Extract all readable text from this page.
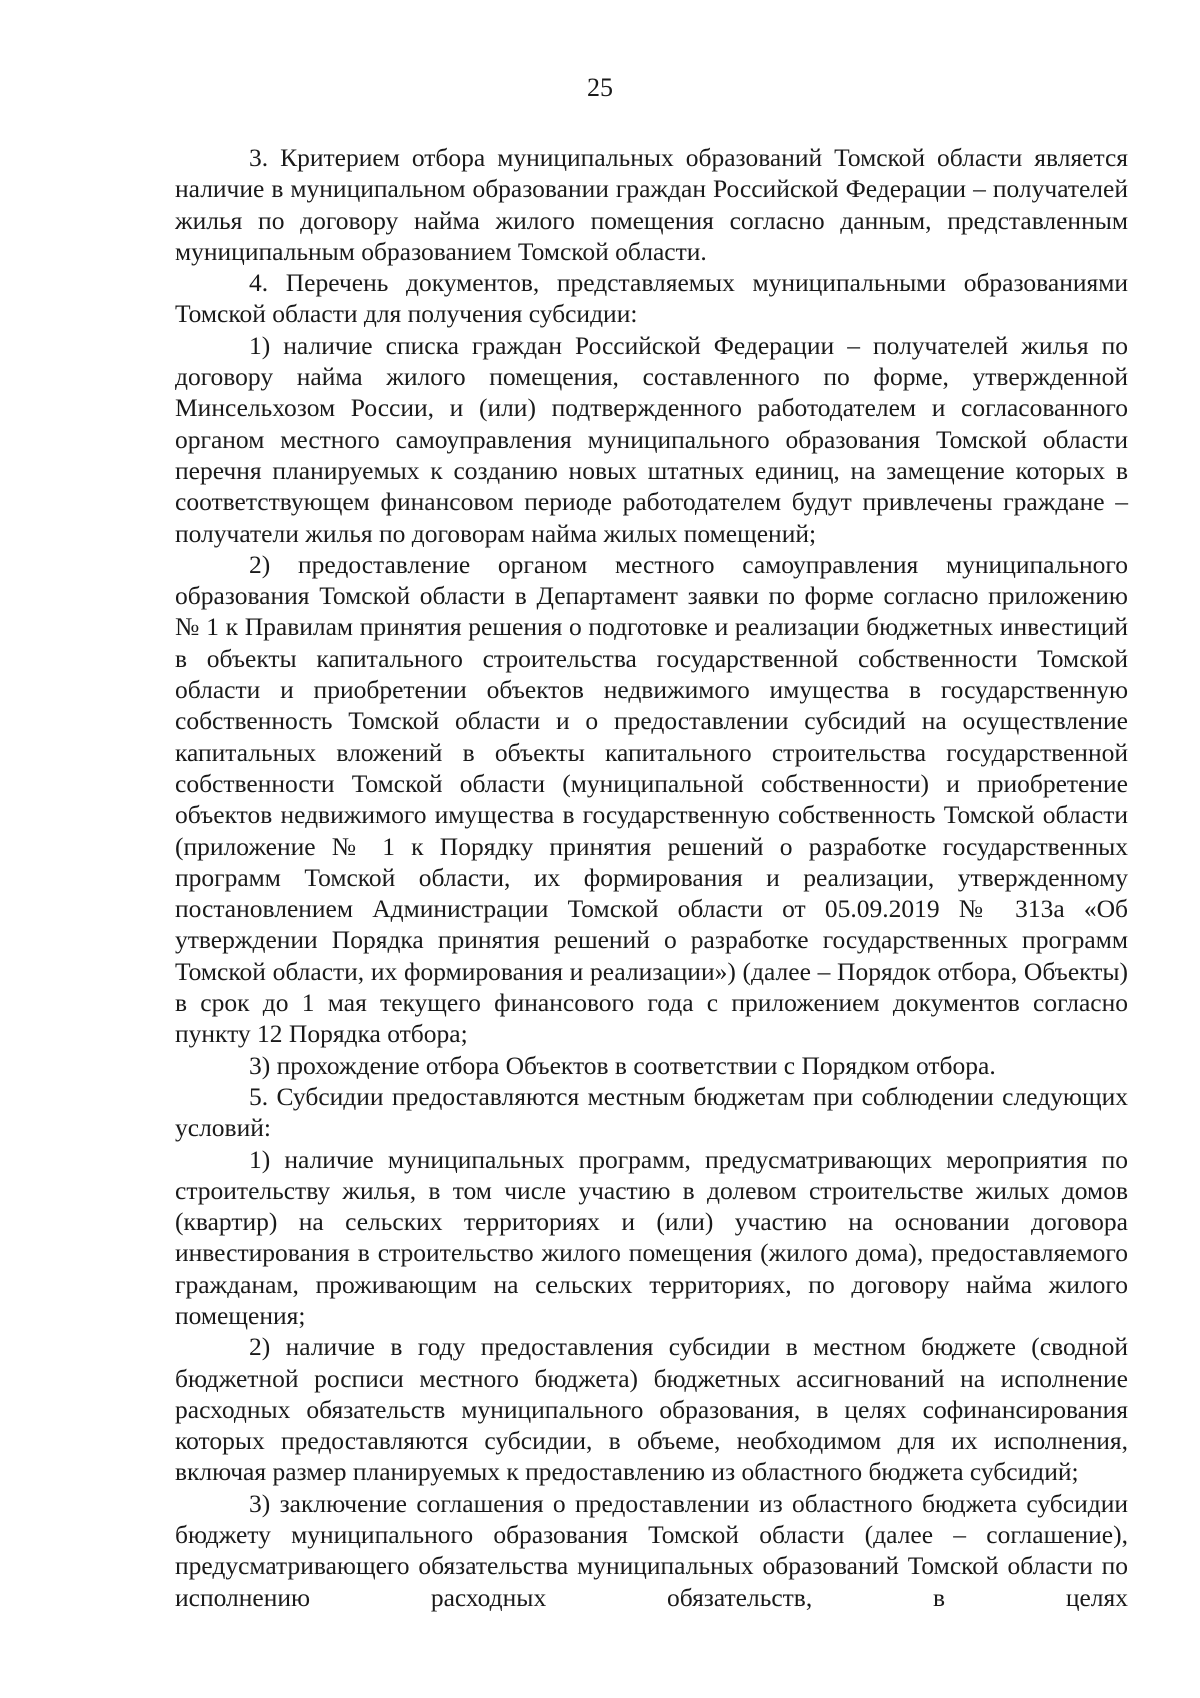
25

3. Критерием отбора муниципальных образований Томской области является наличие в муниципальном образовании граждан Российской Федерации – получателей жилья по договору найма жилого помещения согласно данным, представленным муниципальным образованием Томской области.

4. Перечень документов, представляемых муниципальными образованиями Томской области для получения субсидии:

1) наличие списка граждан Российской Федерации – получателей жилья по договору найма жилого помещения, составленного по форме, утвержденной Минсельхозом России, и (или) подтвержденного работодателем и согласованного органом местного самоуправления муниципального образования Томской области перечня планируемых к созданию новых штатных единиц, на замещение которых в соответствующем финансовом периоде работодателем будут привлечены граждане – получатели жилья по договорам найма жилых помещений;

2) предоставление органом местного самоуправления муниципального образования Томской области в Департамент заявки по форме согласно приложению № 1 к Правилам принятия решения о подготовке и реализации бюджетных инвестиций в объекты капитального строительства государственной собственности Томской области и приобретении объектов недвижимого имущества в государственную собственность Томской области и о предоставлении субсидий на осуществление капитальных вложений в объекты капитального строительства государственной собственности Томской области (муниципальной собственности) и приобретение объектов недвижимого имущества в государственную собственность Томской области (приложение № 1 к Порядку принятия решений о разработке государственных программ Томской области, их формирования и реализации, утвержденному постановлением Администрации Томской области от 05.09.2019 № 313а «Об утверждении Порядка принятия решений о разработке государственных программ Томской области, их формирования и реализации») (далее – Порядок отбора, Объекты) в срок до 1 мая текущего финансового года с приложением документов согласно пункту 12 Порядка отбора;

3) прохождение отбора Объектов в соответствии с Порядком отбора.

5. Субсидии предоставляются местным бюджетам при соблюдении следующих условий:

1) наличие муниципальных программ, предусматривающих мероприятия по строительству жилья, в том числе участию в долевом строительстве жилых домов (квартир) на сельских территориях и (или) участию на основании договора инвестирования в строительство жилого помещения (жилого дома), предоставляемого гражданам, проживающим на сельских территориях, по договору найма жилого помещения;

2) наличие в году предоставления субсидии в местном бюджете (сводной бюджетной росписи местного бюджета) бюджетных ассигнований на исполнение расходных обязательств муниципального образования, в целях софинансирования которых предоставляются субсидии, в объеме, необходимом для их исполнения, включая размер планируемых к предоставлению из областного бюджета субсидий;

3) заключение соглашения о предоставлении из областного бюджета субсидии бюджету муниципального образования Томской области (далее – соглашение), предусматривающего обязательства муниципальных образований Томской области по исполнению расходных обязательств, в целях
